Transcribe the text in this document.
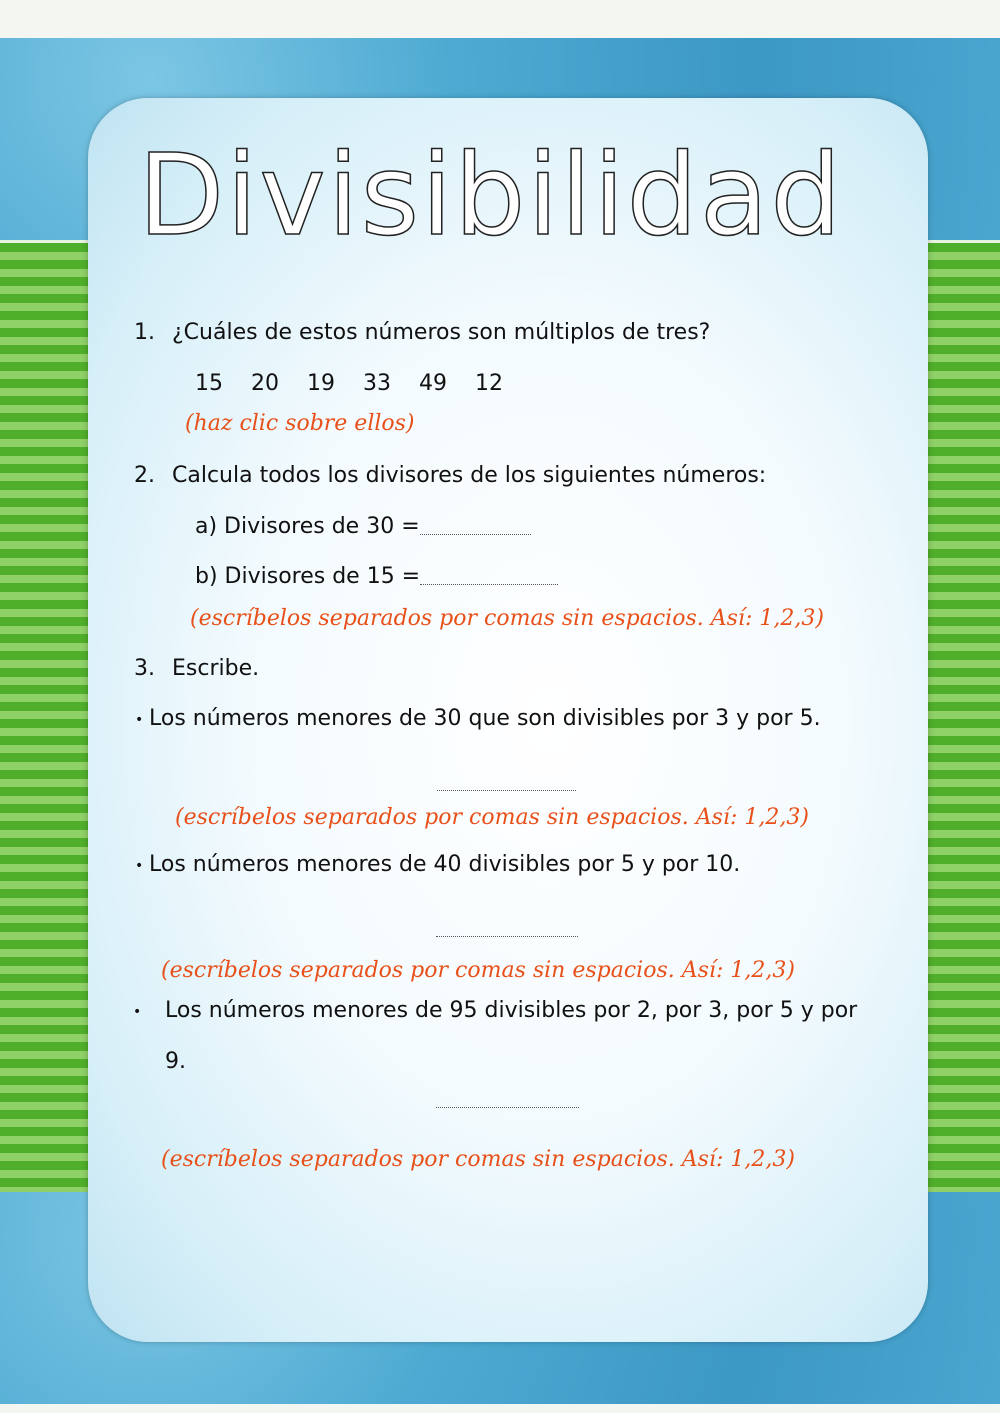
Divisibilidad
1. ¿Cuáles de estos números son múltiplos de tres?
15 20 19 33 49 12
(haz clic sobre ellos)
2. Calcula todos los divisores de los siguientes números:
a) Divisores de 30 =
b) Divisores de 15 =
(escríbelos separados por comas sin espacios. Así: 1,2,3)
3. Escribe.
• Los números menores de 30 que son divisibles por 3 y por 5.
(escríbelos separados por comas sin espacios. Así: 1,2,3)
• Los números menores de 40 divisibles por 5 y por 10.
(escríbelos separados por comas sin espacios. Así: 1,2,3)
• Los números menores de 95 divisibles por 2, por 3, por 5 y por
9.
(escríbelos separados por comas sin espacios. Así: 1,2,3)
